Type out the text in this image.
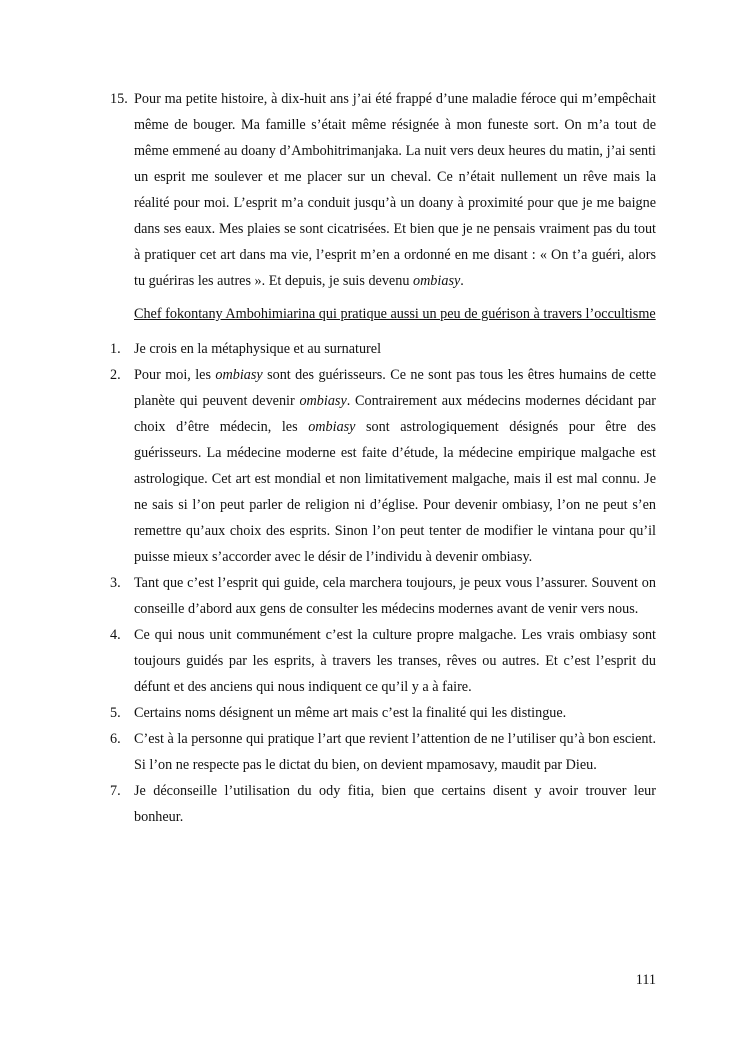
15. Pour ma petite histoire, à dix-huit ans j’ai été frappé d’une maladie féroce qui m’empêchait même de bouger. Ma famille s’était même résignée à mon funeste sort. On m’a tout de même emmené au doany d’Ambohitrimanjaka. La nuit vers deux heures du matin, j’ai senti un esprit me soulever et me placer sur un cheval. Ce n’était nullement un rêve mais la réalité pour moi. L’esprit m’a conduit jusqu’à un doany à proximité pour que je me baigne dans ses eaux. Mes plaies se sont cicatrisées. Et bien que je ne pensais vraiment pas du tout à pratiquer cet art dans ma vie, l’esprit m’en a ordonné en me disant : « On t’a guéri, alors tu guériras les autres ». Et depuis, je suis devenu ombiasy.
Chef fokontany Ambohimiarina qui pratique aussi un peu de guérison à travers l’occultisme
1. Je crois en la métaphysique et au surnaturel
2. Pour moi, les ombiasy sont des guérisseurs. Ce ne sont pas tous les êtres humains de cette planète qui peuvent devenir ombiasy. Contrairement aux médecins modernes décidant par choix d’être médecin, les ombiasy sont astrologiquement désignés pour être des guérisseurs. La médecine moderne est faite d’étude, la médecine empirique malgache est astrologique. Cet art est mondial et non limitativement malgache, mais il est mal connu. Je ne sais si l’on peut parler de religion ni d’église. Pour devenir ombiasy, l’on ne peut s’en remettre qu’aux choix des esprits. Sinon l’on peut tenter de modifier le vintana pour qu’il puisse mieux s’accorder avec le désir de l’individu à devenir ombiasy.
3. Tant que c’est l’esprit qui guide, cela marchera toujours, je peux vous l’assurer. Souvent on conseille d’abord aux gens de consulter les médecins modernes avant de venir vers nous.
4. Ce qui nous unit communément c’est la culture propre malgache. Les vrais ombiasy sont toujours guidés par les esprits, à travers les transes, rêves ou autres. Et c’est l’esprit du défunt et des anciens qui nous indiquent ce qu’il y a à faire.
5. Certains noms désignent un même art mais c’est la finalité qui les distingue.
6. C’est à la personne qui pratique l’art que revient l’attention de ne l’utiliser qu’à bon escient. Si l’on ne respecte pas le dictat du bien, on devient mpamosavy, maudit par Dieu.
7. Je déconseille l’utilisation du ody fitia, bien que certains disent y avoir trouver leur bonheur.
111
